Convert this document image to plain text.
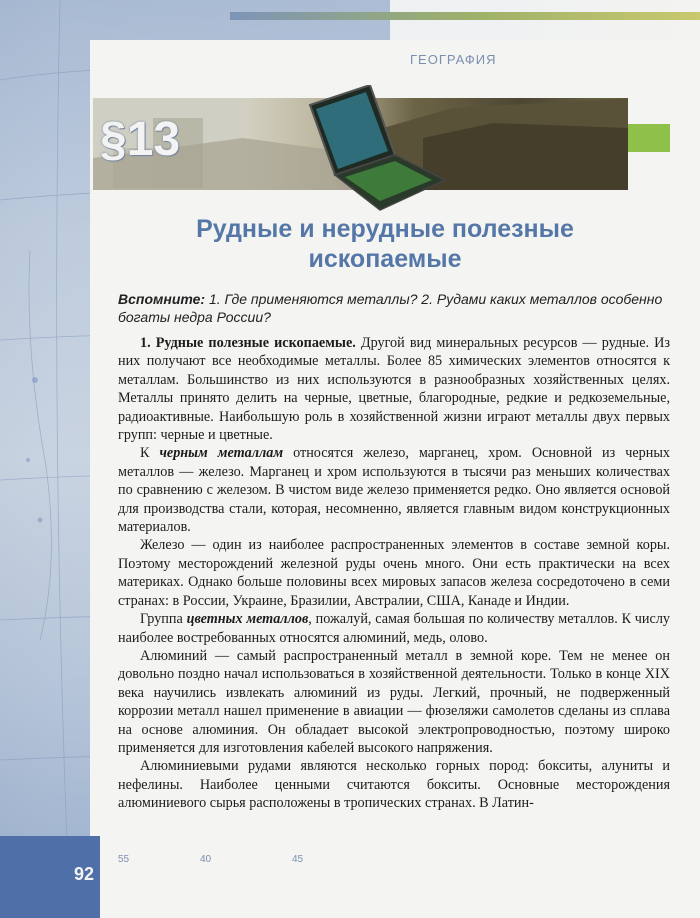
ГЕОГРАФИЯ
§13
Рудные и нерудные полезные
ископаемые
Вспомните: 1. Где применяются металлы? 2. Рудами каких металлов особенно богаты недра России?

1. Рудные полезные ископаемые. Другой вид минеральных ресурсов — рудные. Из них получают все необходимые металлы. Более 85 химических элементов относятся к металлам. Большинство из них используются в разнообразных хозяйственных целях. Металлы принято делить на черные, цветные, благородные, редкие и редкоземельные, радиоактивные. Наибольшую роль в хозяйственной жизни играют металлы двух первых групп: черные и цветные.

К черным металлам относятся железо, марганец, хром. Основной из черных металлов — железо. Марганец и хром используются в тысячи раз меньших количествах по сравнению с железом. В чистом виде железо применяется редко. Оно является основой для производства стали, которая, несомненно, является главным видом конструкционных материалов.

Железо — один из наиболее распространенных элементов в составе земной коры. Поэтому месторождений железной руды очень много. Они есть практически на всех материках. Однако больше половины всех мировых запасов железа сосредоточено в семи странах: в России, Украине, Бразилии, Австралии, США, Канаде и Индии.

Группа цветных металлов, пожалуй, самая большая по количеству металлов. К числу наиболее востребованных относятся алюминий, медь, олово.

Алюминий — самый распространенный металл в земной коре. Тем не менее он довольно поздно начал использоваться в хозяйственной деятельности. Только в конце XIX века научились извлекать алюминий из руды. Легкий, прочный, не подверженный коррозии металл нашел применение в авиации — фюзеляжи самолетов сделаны из сплава на основе алюминия. Он обладает высокой электропроводностью, поэтому широко применяется для изготовления кабелей высокого напряжения.

Алюминиевыми рудами являются несколько горных пород: бокситы, алуниты и нефелины. Наиболее ценными считаются бокситы. Основные месторождения алюминиевого сырья расположены в тропических странах. В Латин-

92
55	40	45
